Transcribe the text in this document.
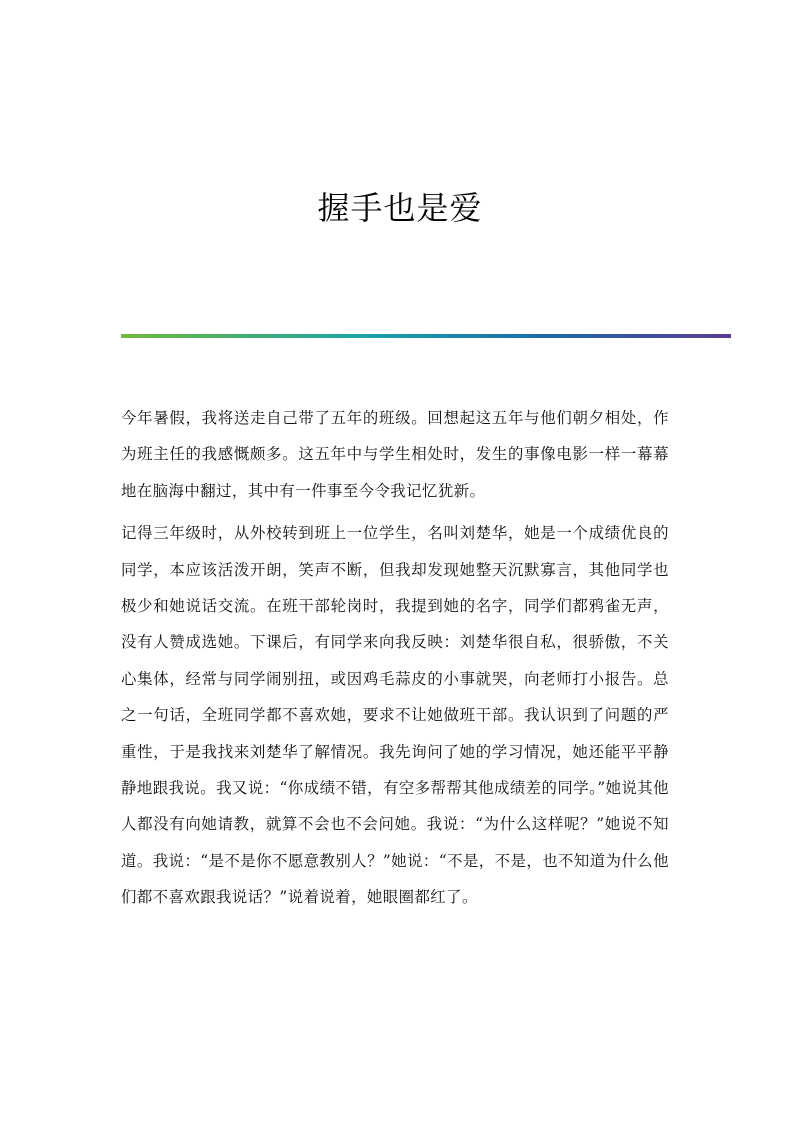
握手也是爱

今年暑假，我将送走自己带了五年的班级。回想起这五年与他们朝夕相处，作为班主任的我感慨颇多。这五年中与学生相处时，发生的事像电影一样一幕幕地在脑海中翻过，其中有一件事至今令我记忆犹新。

记得三年级时，从外校转到班上一位学生，名叫刘楚华，她是一个成绩优良的同学，本应该活泼开朗，笑声不断，但我却发现她整天沉默寡言，其他同学也极少和她说话交流。在班干部轮岗时，我提到她的名字，同学们都鸦雀无声，没有人赞成选她。下课后，有同学来向我反映：刘楚华很自私，很骄傲，不关心集体，经常与同学闹别扭，或因鸡毛蒜皮的小事就哭，向老师打小报告。总之一句话，全班同学都不喜欢她，要求不让她做班干部。我认识到了问题的严重性，于是我找来刘楚华了解情况。我先询问了她的学习情况，她还能平平静静地跟我说。我又说：“你成绩不错，有空多帮帮其他成绩差的同学。”她说其他人都没有向她请教，就算不会也不会问她。我说：“为什么这样呢？”她说不知道。我说：“是不是你不愿意教别人？”她说：“不是，不是，也不知道为什么他们都不喜欢跟我说话？”说着说着，她眼圈都红了。
